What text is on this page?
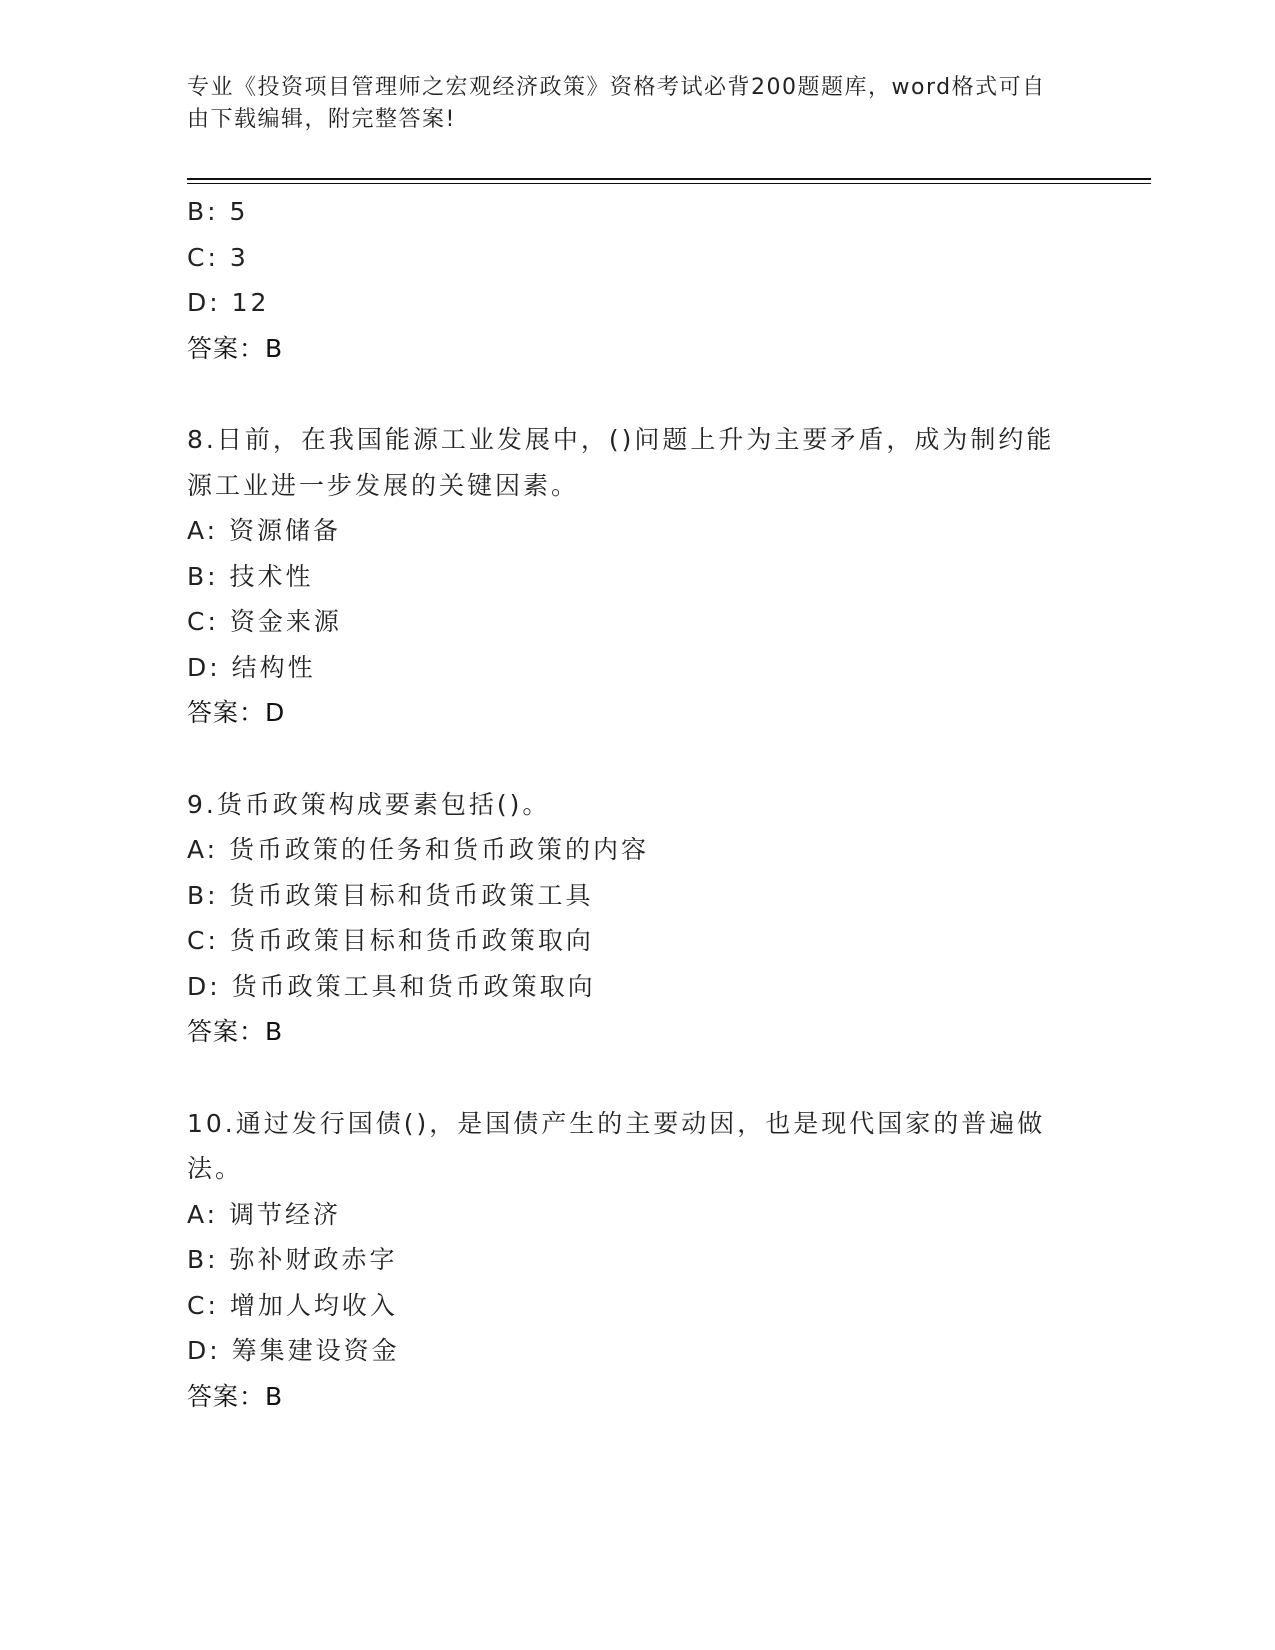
专业《投资项目管理师之宏观经济政策》资格考试必背200题题库，word格式可自由下载编辑，附完整答案!
B: 5
C: 3
D: 12
答案：B
8.日前，在我国能源工业发展中，()问题上升为主要矛盾，成为制约能源工业进一步发展的关键因素。
A: 资源储备
B: 技术性
C: 资金来源
D: 结构性
答案：D
9.货币政策构成要素包括()。
A: 货币政策的任务和货币政策的内容
B: 货币政策目标和货币政策工具
C: 货币政策目标和货币政策取向
D: 货币政策工具和货币政策取向
答案：B
10.通过发行国债()，是国债产生的主要动因，也是现代国家的普遍做法。
A: 调节经济
B: 弥补财政赤字
C: 增加人均收入
D: 筹集建设资金
答案：B
